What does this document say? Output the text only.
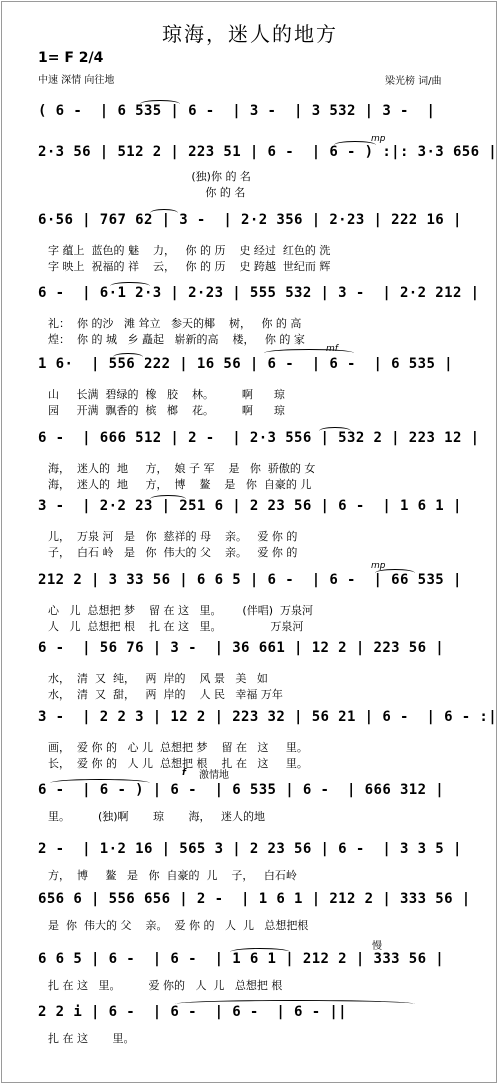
琼海，迷人的地方
1= F 2/4
中速 深情 向往地	梁光榜 词/曲
( 6 -  | 6 535 | 6 -  | 3 -  | 3 532 | 3 -  |
mp
2·3 56 | 512 2 | 223 51 | 6 -  | 6 - ) :|: 3·3 656 |
(独)你 的 名
你 的 名
6·56 | 767 62 | 3 -  | 2·2 356 | 2·23 | 222 16 |
字 蕴上  蓝色的 魅    力，   你 的 历    史 经过  红色的 洗
字 映上  祝福的 祥    云，   你 的 历    史 跨越  世纪而 辉
6 -  | 6·1 2·3 | 2·23 | 555 532 | 3 -  | 2·2 212 |
礼：  你 的沙   滩 耸立   参天的椰    树，   你 的 高
煌：  你 的 城   乡 矗起   崭新的高    楼，   你 的 家
mf
1 6·  | 556 222 | 16 56 | 6 -  | 6 -  | 6 535 |
山     长满  碧绿的  橡   胶    林。        啊      琼
园     开满  飘香的  槟   榔    花。        啊      琼
6 -  | 666 512 | 2 -  | 2·3 556 | 532 2 | 223 12 |
海，  迷人的  地     方，  娘 子 军    是   你  骄傲的 女
海，  迷人的  地     方，  博    鳌    是   你  自豪的 儿
3 -  | 2·2 23 | 251 6 | 2 23 56 | 6 -  | 1 6 1 |
儿，  万泉 河   是   你  慈祥的 母    亲。   爱 你 的
子，  白石 岭   是   你  伟大的 父    亲。   爱 你 的
mp
212 2 | 3 33 56 | 6 6 5 | 6 -  | 6 -  | 66 535 |
心   儿  总想把 梦    留 在 这   里。      (伴唱)  万泉河
人   儿  总想把 根    扎 在 这   里。              万泉河
6 -  | 56 76 | 3 -  | 36 661 | 12 2 | 223 56 |
水，  清  又  纯，   两  岸的    风 景   美   如
水，  清  又  甜，   两  岸的    人 民   幸福 万年
3 -  | 2 2 3 | 12 2 | 223 32 | 56 21 | 6 -  | 6 - :|
画，  爱 你 的   心 儿  总想把 梦    留 在   这     里。
长，  爱 你 的   人 儿  总想把 根    扎 在   这     里。
f 激情地
6 -  | 6 - ) | 6 -  | 6 535 | 6 -  | 666 312 |
里。        (独)啊       琼       海，   迷人的地
2 -  | 1·2 16 | 565 3 | 2 23 56 | 6 -  | 3 3 5 |
方，  博     鳌   是   你  自豪的  儿    子，   白石岭
656 6 | 556 656 | 2 -  | 1 6 1 | 212 2 | 333 56 |
是  你  伟大的 父    亲。  爱 你 的   人  儿   总想把根
慢
6 6 5 | 6 -  | 6 -  | 1 6 1 | 212 2 | 333 56 |
扎 在 这   里。        爱 你的   人  儿   总想把 根
2 2 i | 6 -  | 6 -  | 6 -  | 6 - ||
扎 在 这       里。
